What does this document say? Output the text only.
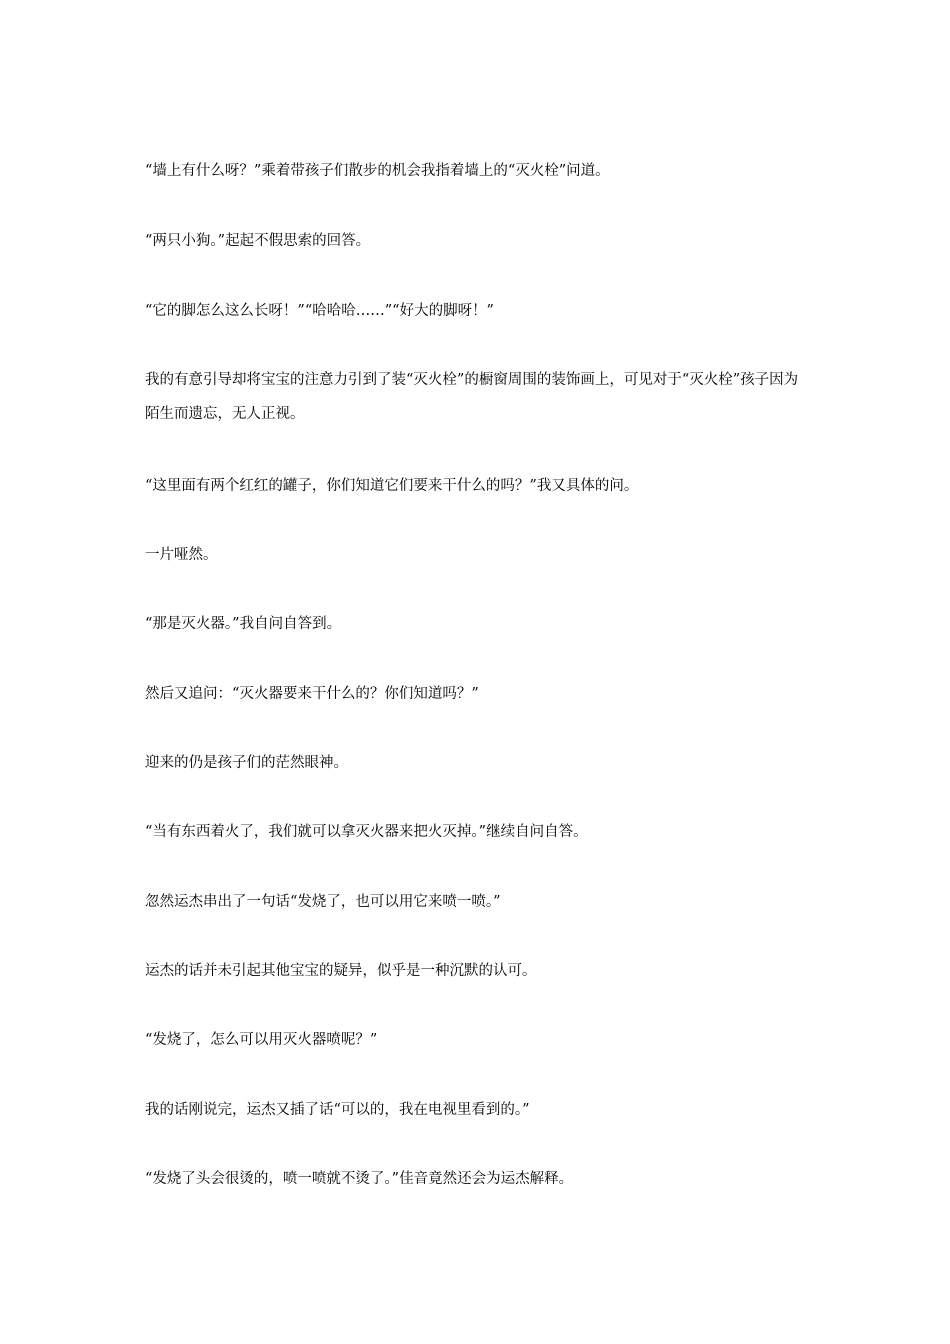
“墙上有什么呀？”乘着带孩子们散步的机会我指着墙上的“灭火栓”问道。

“两只小狗。”起起不假思索的回答。

“它的脚怎么这么长呀！”“哈哈哈……”“好大的脚呀！”

我的有意引导却将宝宝的注意力引到了装“灭火栓”的橱窗周围的装饰画上，可见对于“灭火栓”孩子因为陌生而遗忘，无人正视。

“这里面有两个红红的罐子，你们知道它们要来干什么的吗？”我又具体的问。

一片哑然。

“那是灭火器。”我自问自答到。

然后又追问：“灭火器要来干什么的？你们知道吗？”

迎来的仍是孩子们的茫然眼神。

“当有东西着火了，我们就可以拿灭火器来把火灭掉。”继续自问自答。

忽然运杰串出了一句话“发烧了，也可以用它来喷一喷。”

运杰的话并未引起其他宝宝的疑异，似乎是一种沉默的认可。

“发烧了，怎么可以用灭火器喷呢？”

我的话刚说完，运杰又插了话“可以的，我在电视里看到的。”

“发烧了头会很烫的，喷一喷就不烫了。”佳音竟然还会为运杰解释。
